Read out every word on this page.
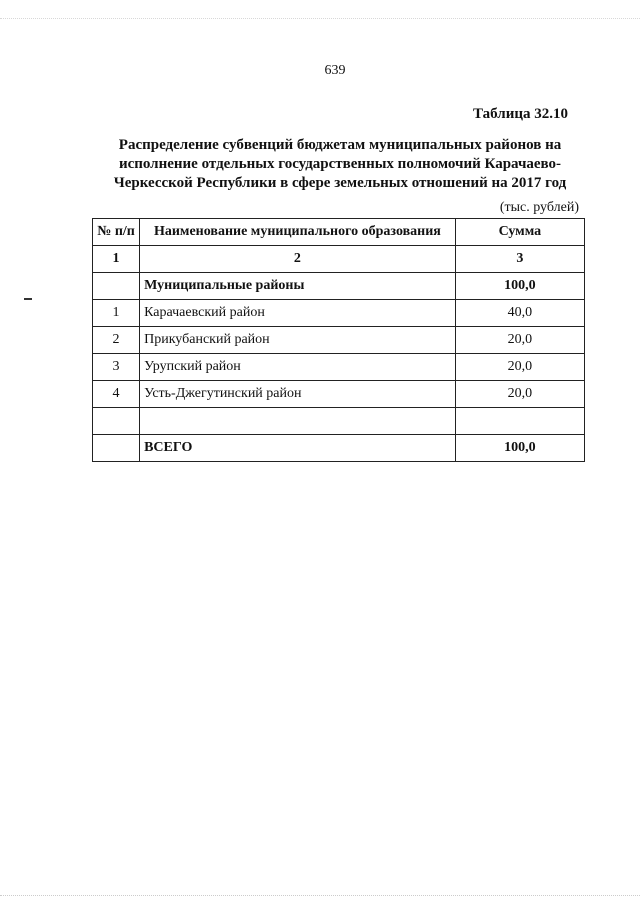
639
Таблица 32.10
Распределение субвенций бюджетам муниципальных районов на
исполнение отдельных государственных полномочий Карачаево-
Черкесской Республики в сфере земельных отношений на 2017 год
(тыс. рублей)
№ п/п	Наименование муниципального образования	Сумма
1	2	3
	Муниципальные районы	100,0
1	Карачаевский район	40,0
2	Прикубанский район	20,0
3	Урупский район	20,0
4	Усть-Джегутинский район	20,0

	ВСЕГО	100,0
